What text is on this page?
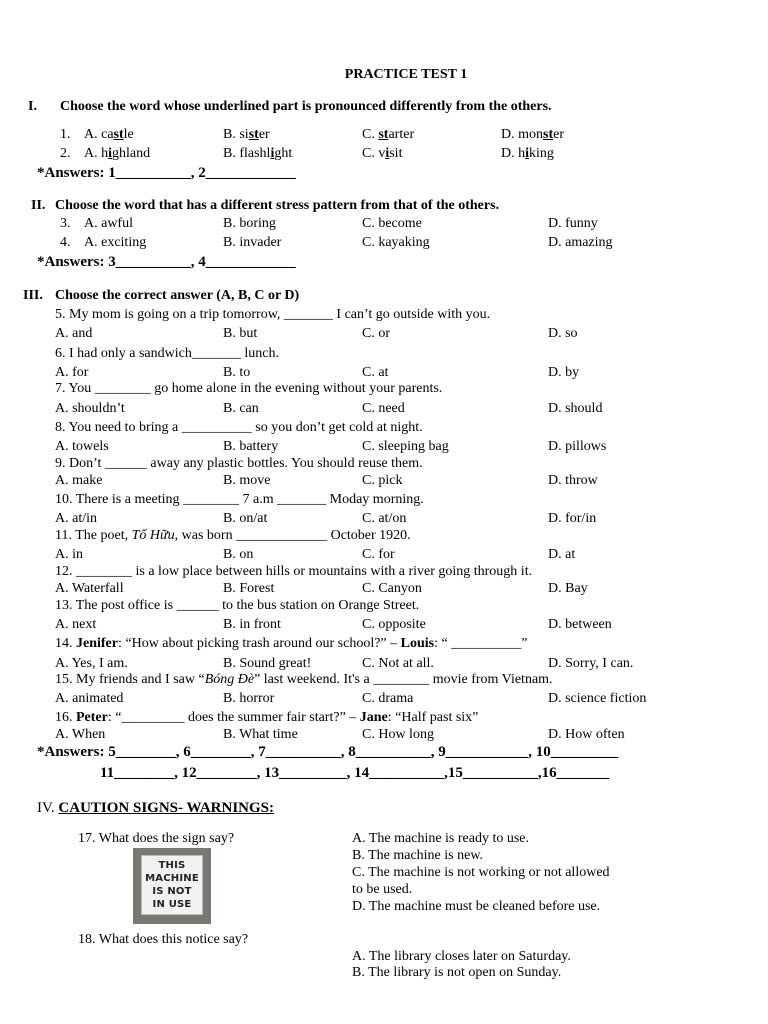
PRACTICE TEST 1
I. Choose the word whose underlined part is pronounced differently from the others.
1. A. castle	B. sister	C. starter	D. monster
2. A. highland	B. flashlight	C. visit	D. hiking
*Answers: 1__________, 2____________
II. Choose the word that has a different stress pattern from that of the others.
3. A. awful	B. boring	C. become	D. funny
4. A. exciting	B. invader	C. kayaking	D. amazing
*Answers: 3__________, 4____________
III. Choose the correct answer (A, B, C or D)
5. My mom is going on a trip tomorrow, _______ I can’t go outside with you.
A. and	B. but	C. or	D. so
6. I had only a sandwich_______ lunch.
A. for	B. to	C. at	D. by
7. You ________ go home alone in the evening without your parents.
A. shouldn’t	B. can	C. need	D. should
8. You need to bring a __________ so you don’t get cold at night.
A. towels	B. battery	C. sleeping bag	D. pillows
9. Don’t ______ away any plastic bottles. You should reuse them.
A. make	B. move	C. pick	D. throw
10. There is a meeting ________ 7 a.m _______ Moday morning.
A. at/in	B. on/at	C. at/on	D. for/in
11. The poet, Tố Hữu, was born _____________ October 1920.
A. in	B. on	C. for	D. at
12. ________ is a low place between hills or mountains with a river going through it.
A. Waterfall	B. Forest	C. Canyon	D. Bay
13. The post office is ______ to the bus station on Orange Street.
A. next	B. in front	C. opposite	D. between
14. Jenifer: “How about picking trash around our school?” – Louis: “ __________”
A. Yes, I am.	B. Sound great!	C. Not at all.	D. Sorry, I can.
15. My friends and I saw “Bóng Đè” last weekend. It's a ________ movie from Vietnam.
A. animated	B. horror	C. drama	D. science fiction
16. Peter: “_________ does the summer fair start?” – Jane: “Half past six”
A. When	B. What time	C. How long	D. How often
*Answers: 5________, 6________, 7__________, 8__________, 9___________, 10_________
11________, 12________, 13_________, 14__________,15__________,16_______
IV. CAUTION SIGNS- WARNINGS:
17. What does the sign say?
THIS
MACHINE
IS NOT
IN USE
A. The machine is ready to use.
B. The machine is new.
C. The machine is not working or not allowed
to be used.
D. The machine must be cleaned before use.
18. What does this notice say?
A. The library closes later on Saturday.
B. The library is not open on Sunday.
